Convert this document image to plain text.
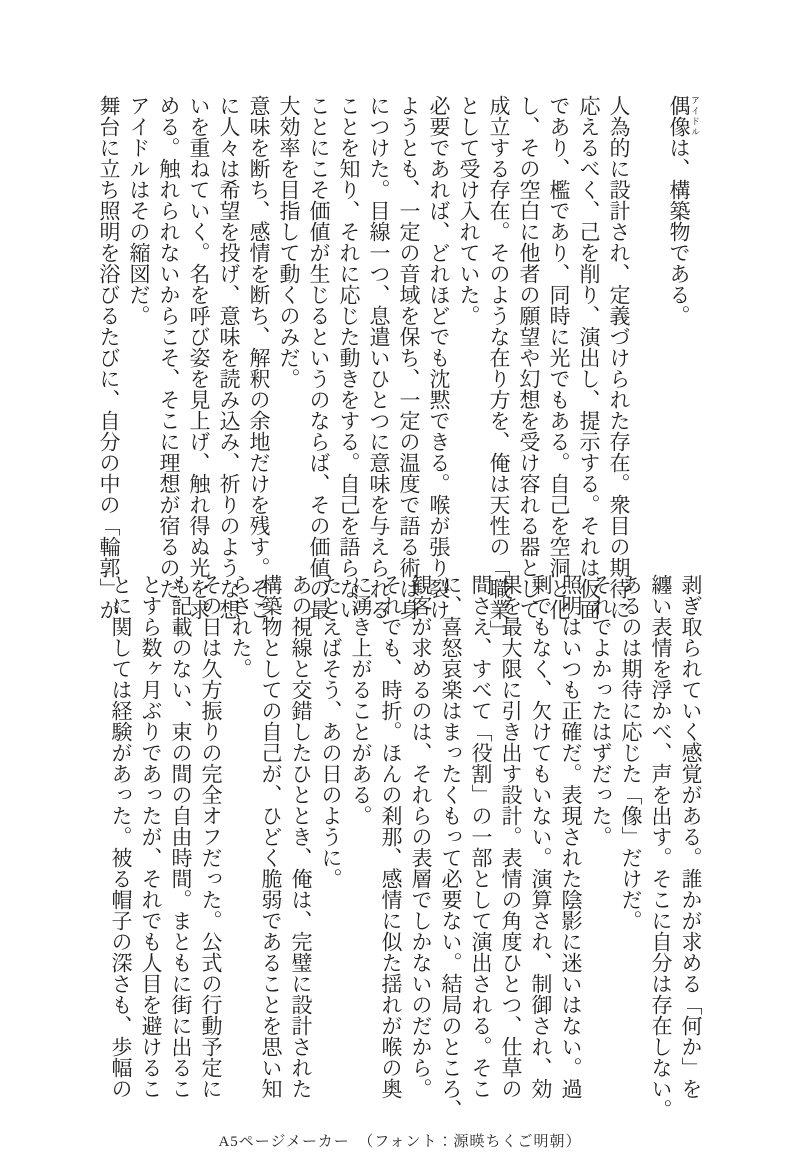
偶像 アイドルは、構築物である。

人為的に設計され、定義づけられた存在。衆目の期待に
応えるべく、己を削り、演出し、提示する。それは仮面
であり、檻であり、同時に光でもある。自己を空洞と化
し、その空白に他者の願望や幻想を受け容れる器として
成立する存在。そのような在り方を、俺は天性の「職業」
として受け入れていた。
必要であれば、どれほどでも沈黙できる。喉が張り裂け
ようとも、一定の音域を保ち、一定の温度で語る術は身
につけた。目線一つ、息遣いひとつに意味を与えられる
ことを知り、それに応じた動きをする。自己を語らない
ことにこそ価値が生じるというのならば、その価値の最
大効率を目指して動くのみだ。
意味を断ち、感情を断ち、解釈の余地だけを残す。そこ
に人々は希望を投げ、意味を読み込み、祈りのような想
いを重ねていく。名を呼び姿を見上げ、触れ得ぬ光を求
める。触れられないからこそ、そこに理想が宿るのだ。
アイドルはその縮図だ。
舞台に立ち照明を浴びるたびに、自分の中の「輪郭」が
剥ぎ取られていく感覚がある。誰かが求める「何か」を
纏い表情を浮かべ、声を出す。そこに自分は存在しない。
あるのは期待に応じた「像」だけだ。
それでよかったはずだった。
照明はいつも正確だ。表現された陰影に迷いはない。過
剰でもなく、欠けてもいない。演算され、制御され、効
果を最大限に引き出す設計。表情の角度ひとつ、仕草の
間さえ、すべて「役割」の一部として演出される。そこ
に、喜怒哀楽はまったくもって必要ない。結局のところ、
観客が求めるのは、それらの表層でしかないのだから。
それでも、時折。ほんの刹那、感情に似た揺れが喉の奥
に湧き上がることがある。
たとえばそう、あの日のように。
あの視線と交錯したひととき、俺は、完璧に設計された
構築物としての自己が、ひどく脆弱であることを思い知
らされた。
その日は久方振りの完全オフだった。公式の行動予定に
も記載のない、束の間の自由時間。まともに街に出るこ
とすら数ヶ月ぶりであったが、それでも人目を避けるこ
とに関しては経験があった。被る帽子の深さも、歩幅の
A5ページメーカー　（フォント：源暎ちくご明朝）
